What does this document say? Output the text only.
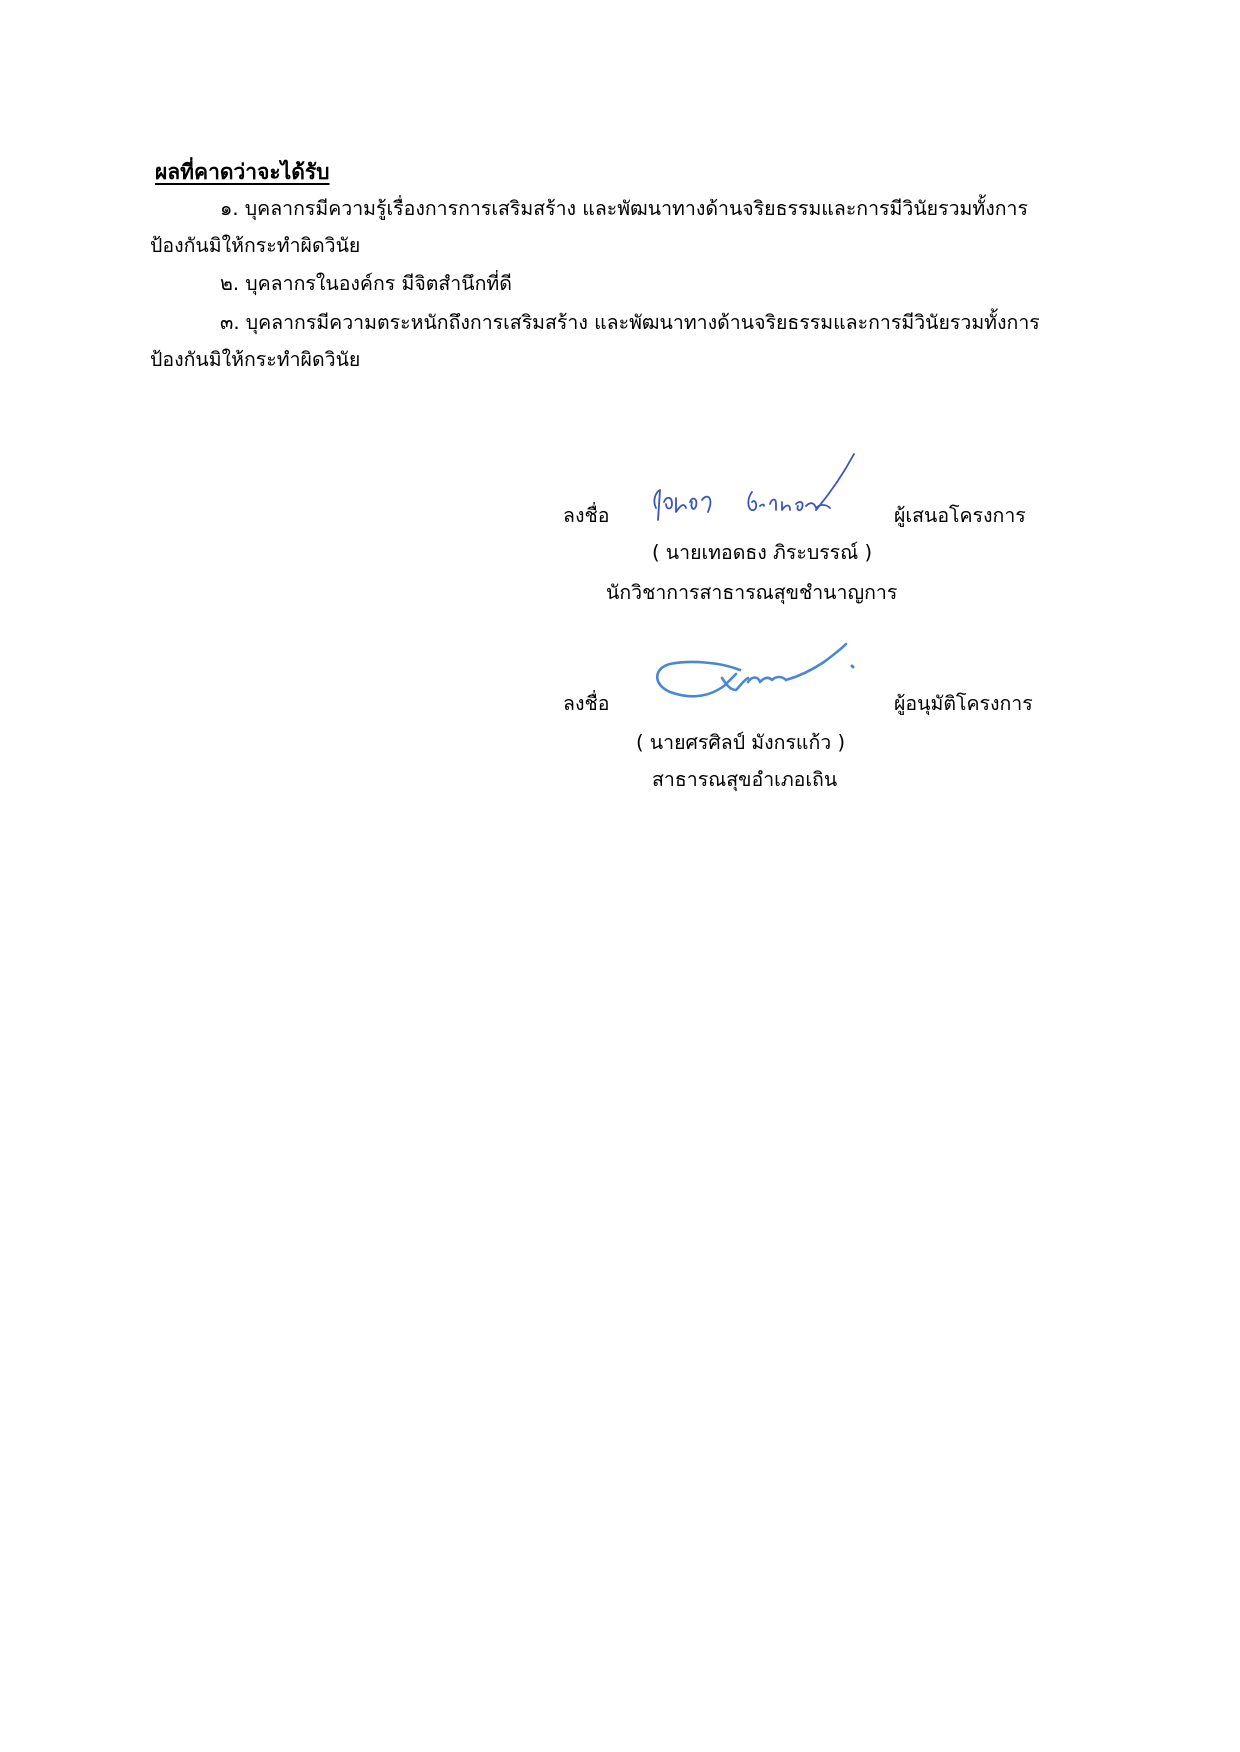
ผลที่คาดว่าจะได้รับ
๑. บุคลากรมีความรู้เรื่องการการเสริมสร้าง และพัฒนาทางด้านจริยธรรมและการมีวินัยรวมทั้งการ
ป้องกันมิให้กระทำผิดวินัย
๒. บุคลากรในองค์กร มีจิตสำนึกที่ดี
๓. บุคลากรมีความตระหนักถึงการเสริมสร้าง และพัฒนาทางด้านจริยธรรมและการมีวินัยรวมทั้งการ
ป้องกันมิให้กระทำผิดวินัย
ลงชื่อ	ผู้เสนอโครงการ
( นายเทอดธง ภิระบรรณ์ )
นักวิชาการสาธารณสุขชำนาญการ
ลงชื่อ	ผู้อนุมัติโครงการ
( นายศรศิลป์ มังกรแก้ว )
สาธารณสุขอำเภอเถิน
